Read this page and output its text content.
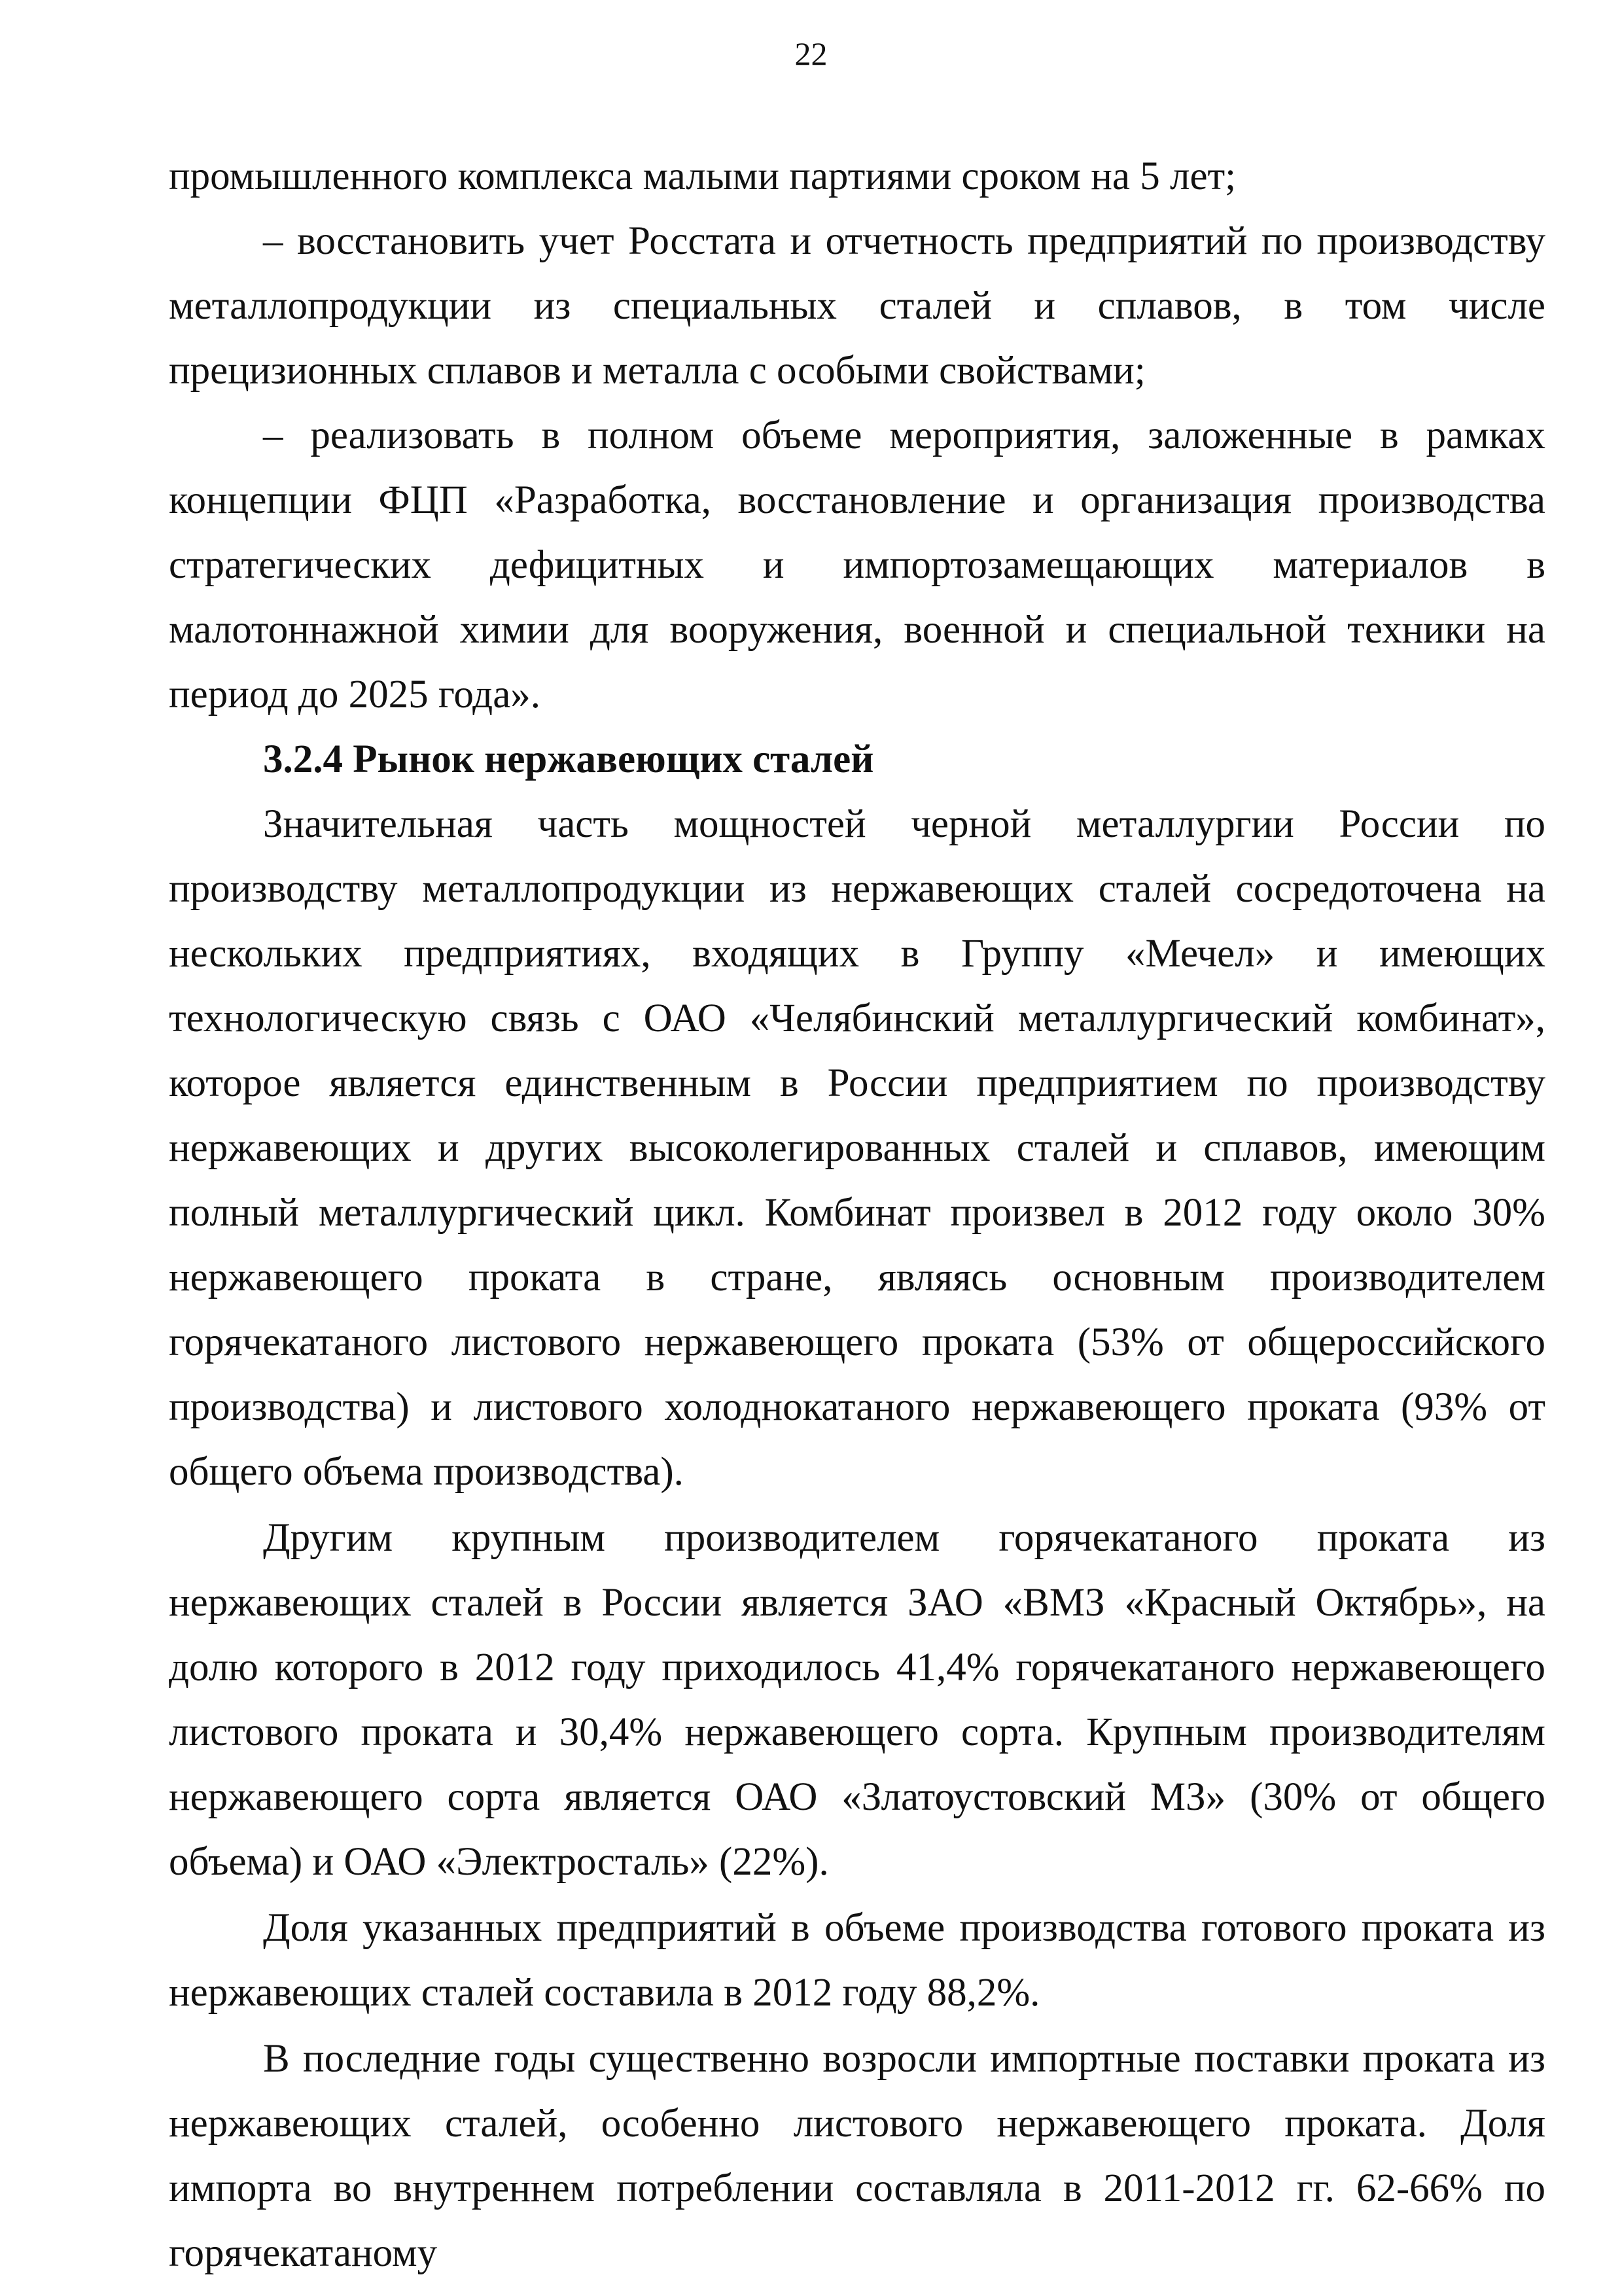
22

промышленного комплекса малыми партиями сроком на 5 лет;

– восстановить учет Росстата и отчетность предприятий по производству металлопродукции из специальных сталей и сплавов, в том числе прецизионных сплавов и металла с особыми свойствами;

– реализовать в полном объеме мероприятия, заложенные в рамках концепции ФЦП «Разработка, восстановление и организация производства стратегических дефицитных и импортозамещающих материалов в малотоннажной химии для вооружения, военной и специальной техники на период до 2025 года».

3.2.4 Рынок нержавеющих сталей

Значительная часть мощностей черной металлургии России по производству металлопродукции из нержавеющих сталей сосредоточена на нескольких предприятиях, входящих в Группу «Мечел» и имеющих технологическую связь с ОАО «Челябинский металлургический комбинат», которое является единственным в России предприятием по производству нержавеющих и других высоколегированных сталей и сплавов, имеющим полный металлургический цикл. Комбинат произвел в 2012 году около 30% нержавеющего проката в стране, являясь основным производителем горячекатаного листового нержавеющего проката (53% от общероссийского производства) и листового холоднокатаного нержавеющего проката (93% от общего объема производства).

Другим крупным производителем горячекатаного проката из нержавеющих сталей в России является ЗАО «ВМЗ «Красный Октябрь», на долю которого в 2012 году приходилось 41,4% горячекатаного нержавеющего листового проката и 30,4% нержавеющего сорта. Крупным производителям нержавеющего сорта является ОАО «Златоустовский МЗ» (30% от общего объема) и ОАО «Электросталь» (22%).

Доля указанных предприятий в объеме производства готового проката из нержавеющих сталей составила в 2012 году 88,2%.

В последние годы существенно возросли импортные поставки проката из нержавеющих сталей, особенно листового нержавеющего проката. Доля импорта во внутреннем потреблении составляла в 2011-2012 гг. 62-66% по горячекатаному
